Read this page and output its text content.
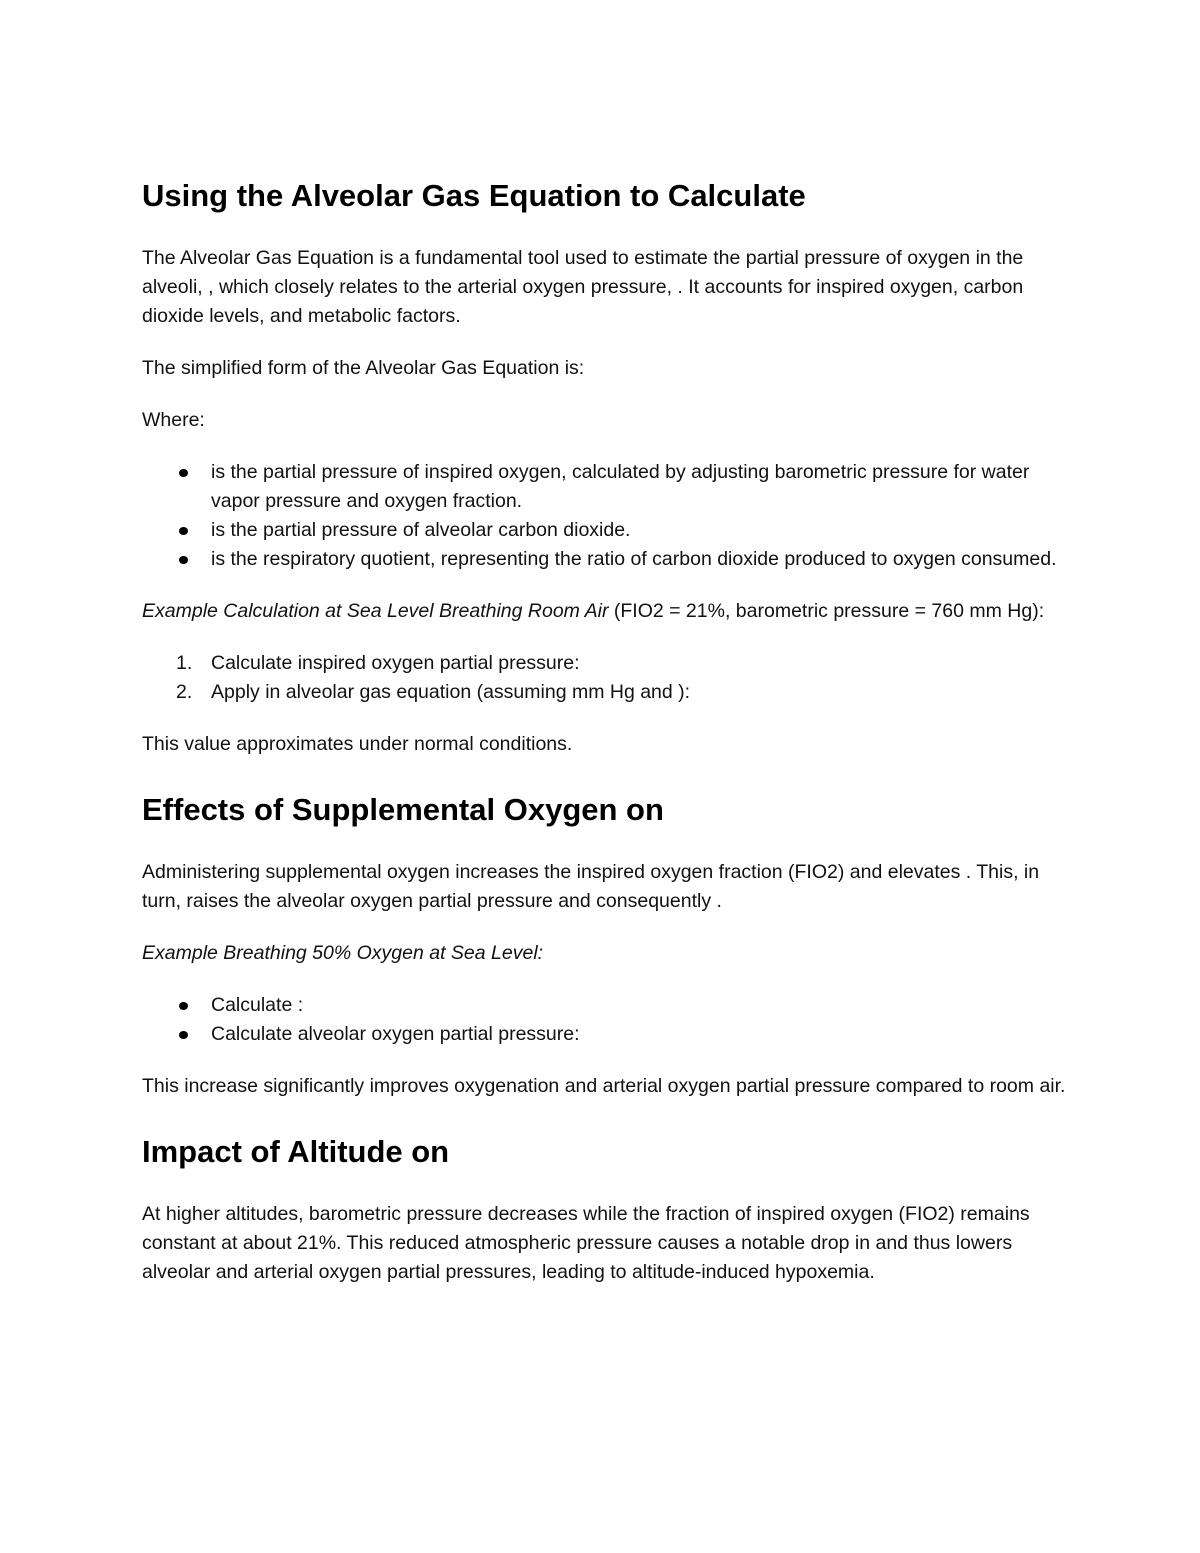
Using the Alveolar Gas Equation to Calculate

The Alveolar Gas Equation is a fundamental tool used to estimate the partial pressure of oxygen in the alveoli, , which closely relates to the arterial oxygen pressure, . It accounts for inspired oxygen, carbon dioxide levels, and metabolic factors.

The simplified form of the Alveolar Gas Equation is:

Where:

is the partial pressure of inspired oxygen, calculated by adjusting barometric pressure for water vapor pressure and oxygen fraction.
is the partial pressure of alveolar carbon dioxide.
is the respiratory quotient, representing the ratio of carbon dioxide produced to oxygen consumed.

Example Calculation at Sea Level Breathing Room Air (FIO2 = 21%, barometric pressure = 760 mm Hg):

1. Calculate inspired oxygen partial pressure:
2. Apply in alveolar gas equation (assuming mm Hg and ):

This value approximates under normal conditions.

Effects of Supplemental Oxygen on

Administering supplemental oxygen increases the inspired oxygen fraction (FIO2) and elevates . This, in turn, raises the alveolar oxygen partial pressure and consequently .

Example Breathing 50% Oxygen at Sea Level:

Calculate :
Calculate alveolar oxygen partial pressure:

This increase significantly improves oxygenation and arterial oxygen partial pressure compared to room air.

Impact of Altitude on

At higher altitudes, barometric pressure decreases while the fraction of inspired oxygen (FIO2) remains constant at about 21%. This reduced atmospheric pressure causes a notable drop in and thus lowers alveolar and arterial oxygen partial pressures, leading to altitude-induced hypoxemia.
